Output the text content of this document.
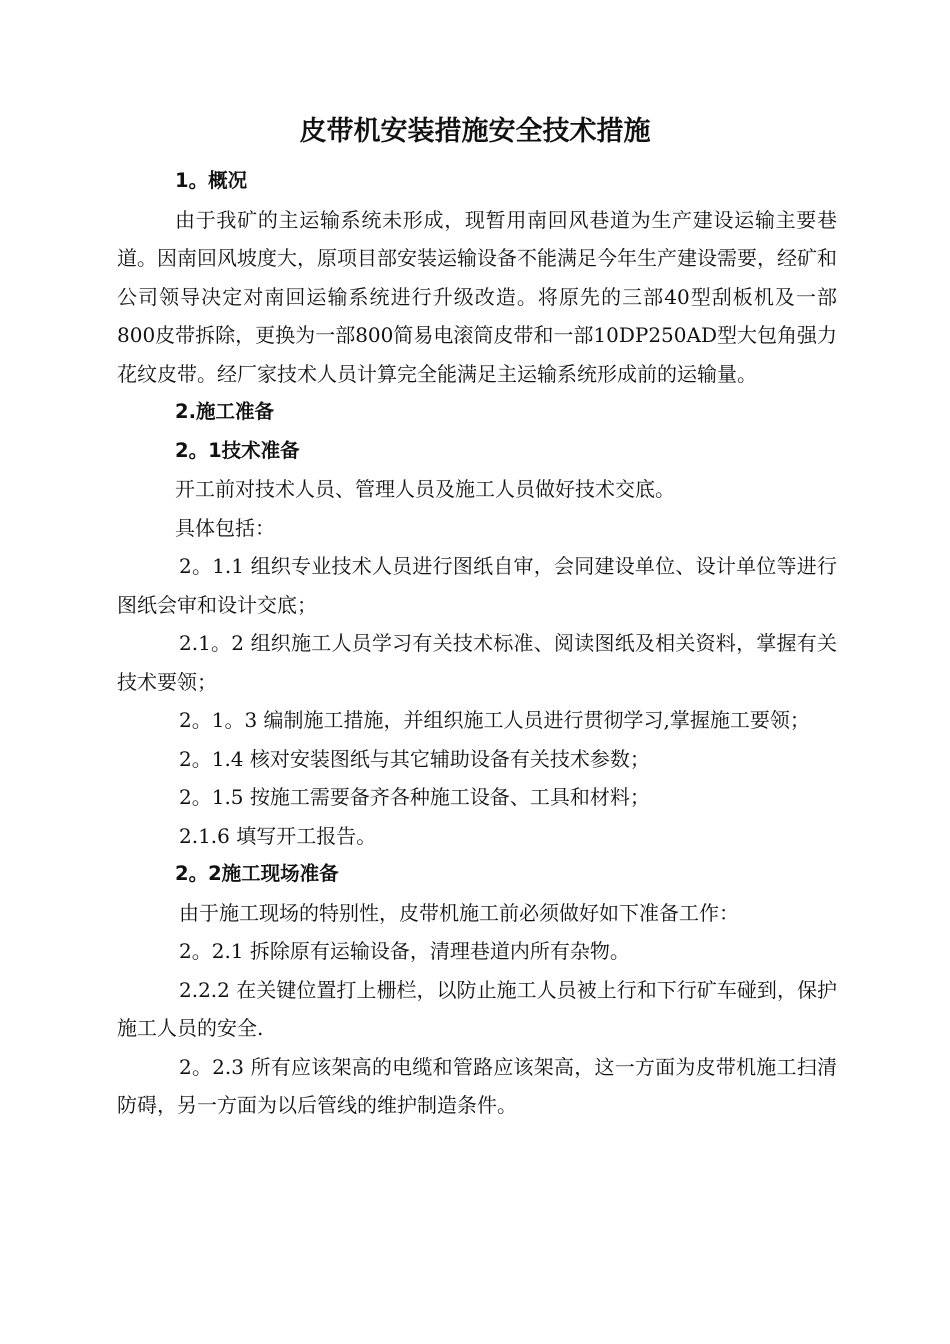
皮带机安装措施安全技术措施

1。概况

由于我矿的主运输系统未形成，现暂用南回风巷道为生产建设运输主要巷道。因南回风坡度大，原项目部安装运输设备不能满足今年生产建设需要，经矿和公司领导决定对南回运输系统进行升级改造。将原先的三部40型刮板机及一部800皮带拆除，更换为一部800简易电滚筒皮带和一部10DP250AD型大包角强力花纹皮带。经厂家技术人员计算完全能满足主运输系统形成前的运输量。

2.施工准备

2。1技术准备

开工前对技术人员、管理人员及施工人员做好技术交底。

具体包括：

2。1.1 组织专业技术人员进行图纸自审，会同建设单位、设计单位等进行图纸会审和设计交底；

2.1。2 组织施工人员学习有关技术标准、阅读图纸及相关资料，掌握有关技术要领；

2。1。3 编制施工措施，并组织施工人员进行贯彻学习,掌握施工要领；

2。1.4 核对安装图纸与其它辅助设备有关技术参数；

2。1.5 按施工需要备齐各种施工设备、工具和材料；

2.1.6 填写开工报告。

2。2施工现场准备

由于施工现场的特别性，皮带机施工前必须做好如下准备工作：

2。2.1 拆除原有运输设备，清理巷道内所有杂物。

2.2.2 在关键位置打上栅栏，以防止施工人员被上行和下行矿车碰到，保护施工人员的安全.

2。2.3 所有应该架高的电缆和管路应该架高，这一方面为皮带机施工扫清防碍，另一方面为以后管线的维护制造条件。
